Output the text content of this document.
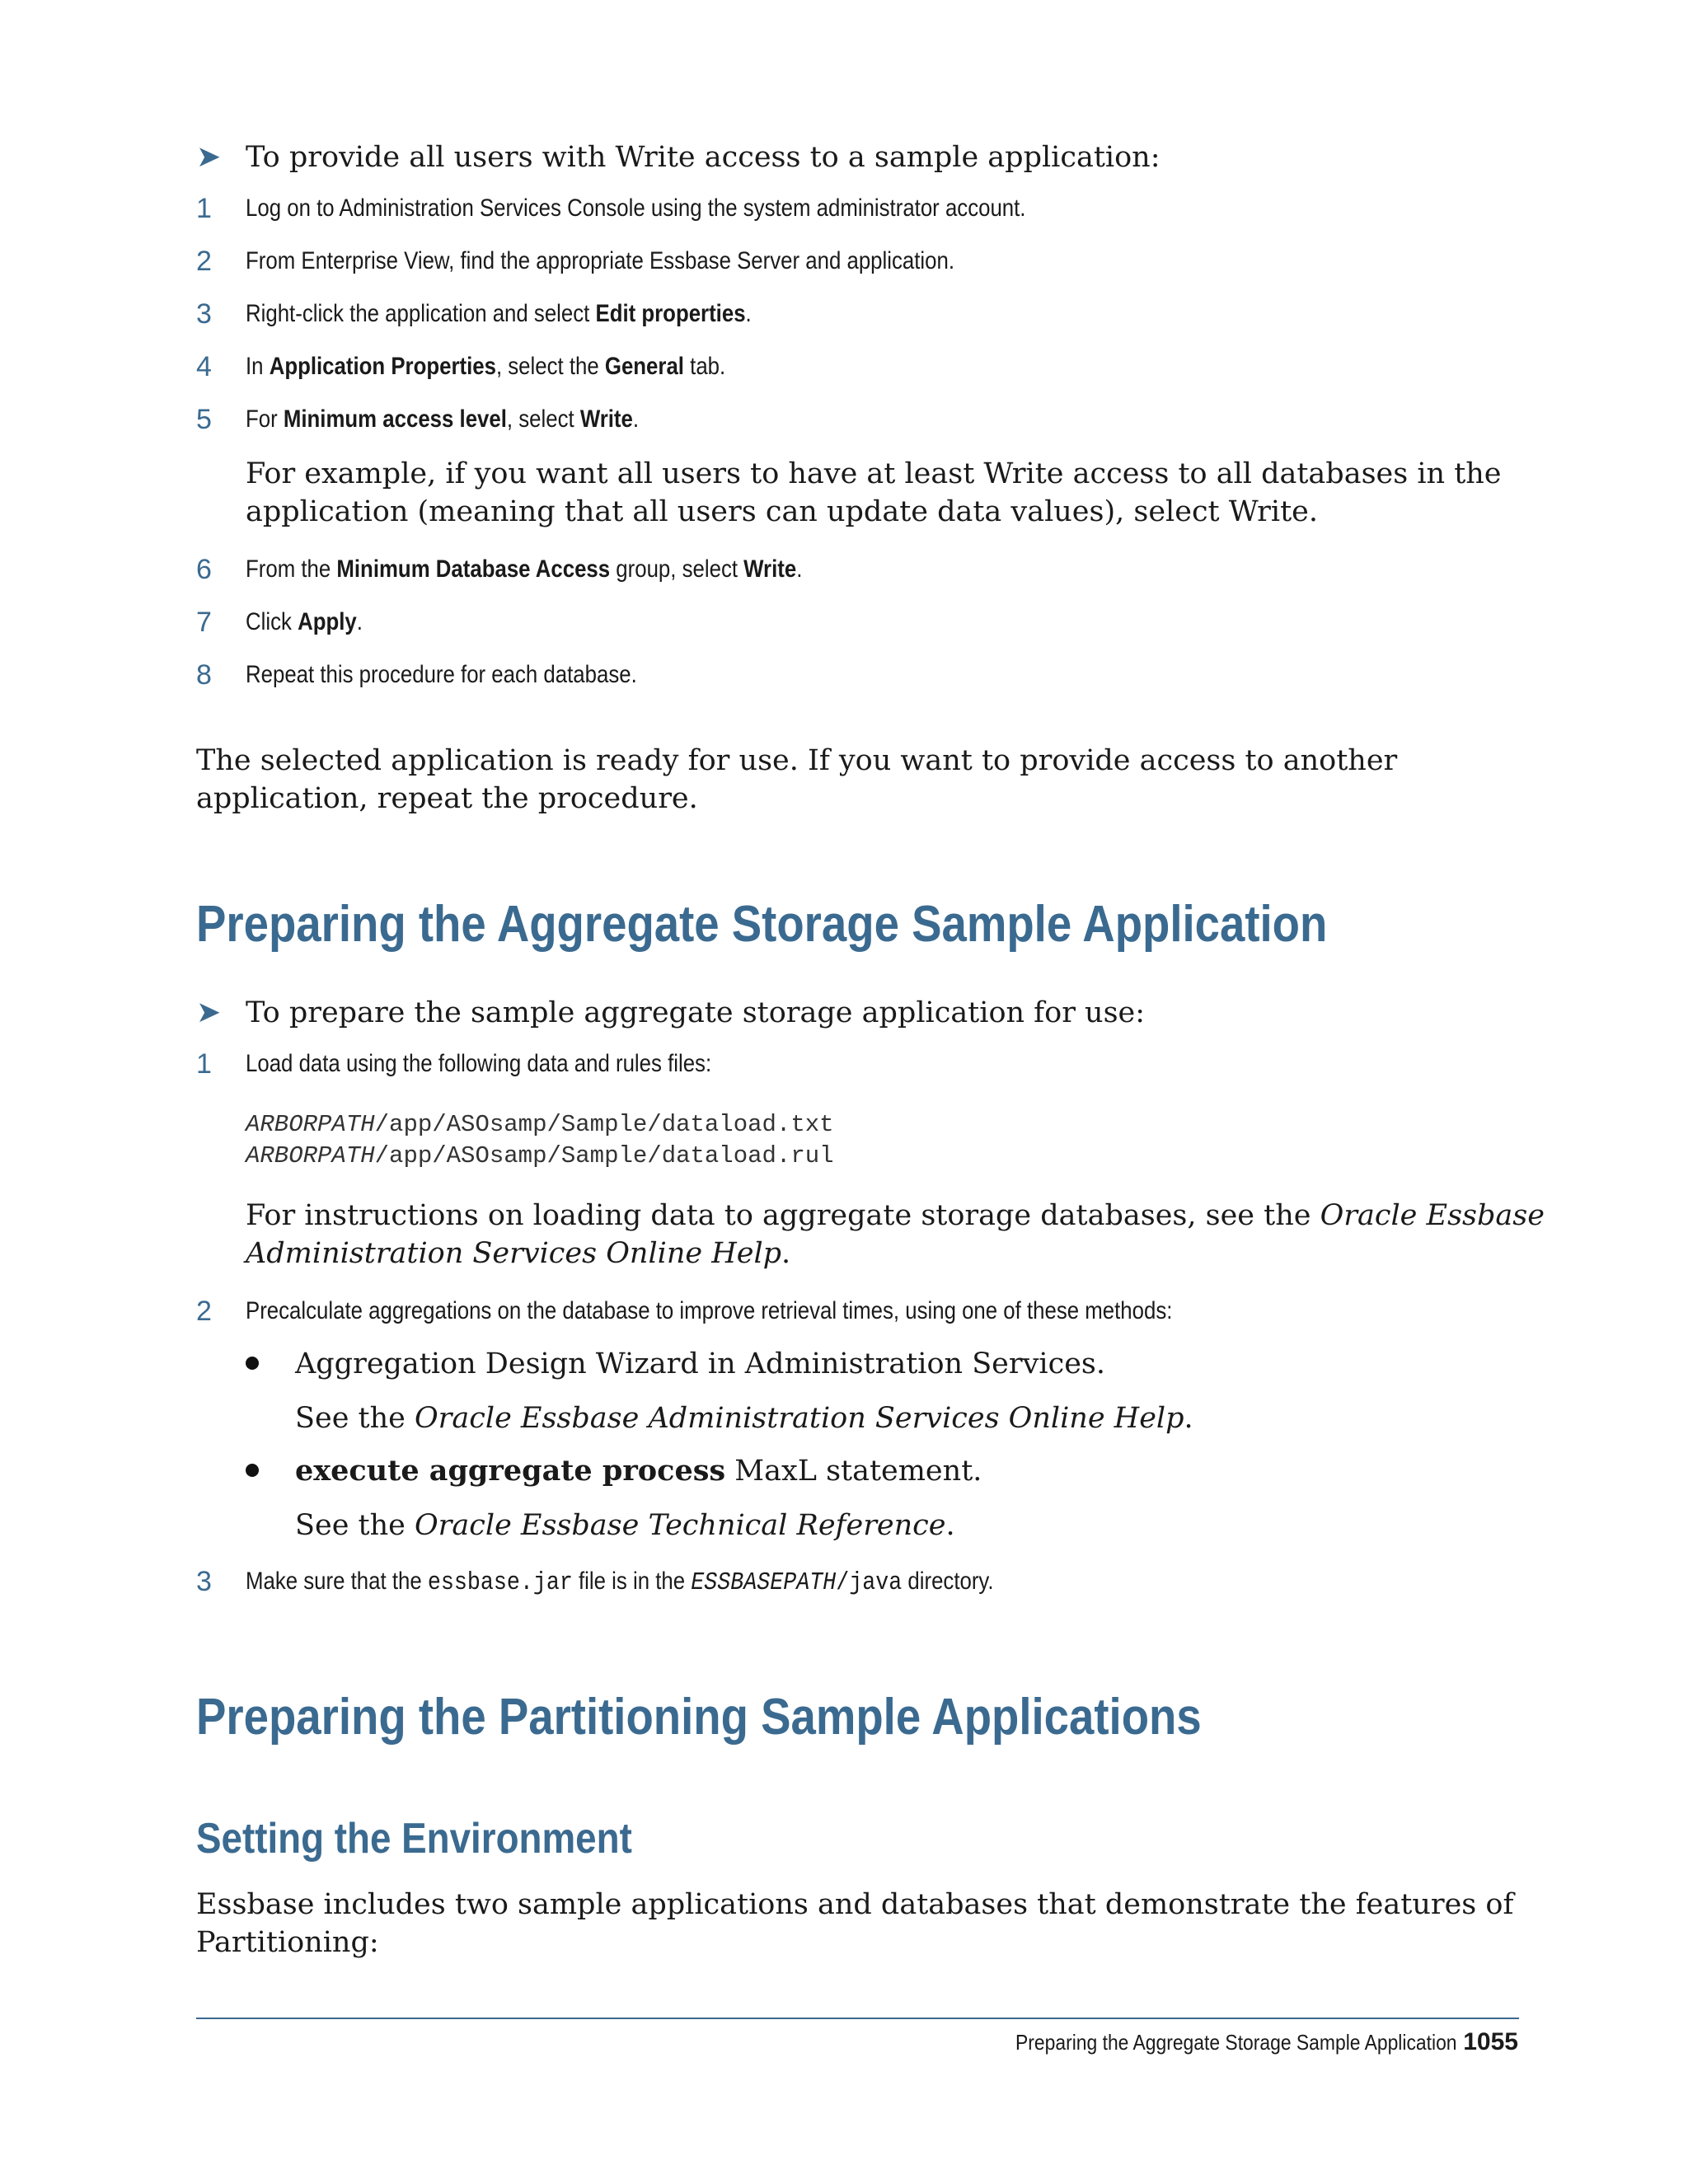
➤ To provide all users with Write access to a sample application:
1 Log on to Administration Services Console using the system administrator account.
2 From Enterprise View, find the appropriate Essbase Server and application.
3 Right-click the application and select Edit properties.
4 In Application Properties, select the General tab.
5 For Minimum access level, select Write.
For example, if you want all users to have at least Write access to all databases in the application (meaning that all users can update data values), select Write.
6 From the Minimum Database Access group, select Write.
7 Click Apply.
8 Repeat this procedure for each database.

The selected application is ready for use. If you want to provide access to another application, repeat the procedure.

Preparing the Aggregate Storage Sample Application
➤ To prepare the sample aggregate storage application for use:
1 Load data using the following data and rules files:
ARBORPATH/app/ASOsamp/Sample/dataload.txt
ARBORPATH/app/ASOsamp/Sample/dataload.rul
For instructions on loading data to aggregate storage databases, see the Oracle Essbase Administration Services Online Help.
2 Precalculate aggregations on the database to improve retrieval times, using one of these methods:
Aggregation Design Wizard in Administration Services.
See the Oracle Essbase Administration Services Online Help.
execute aggregate process MaxL statement.
See the Oracle Essbase Technical Reference.
3 Make sure that the essbase.jar file is in the ESSBASEPATH/java directory.
Preparing the Partitioning Sample Applications
Setting the Environment

Essbase includes two sample applications and databases that demonstrate the features of Partitioning:

Preparing the Aggregate Storage Sample Application 1055
